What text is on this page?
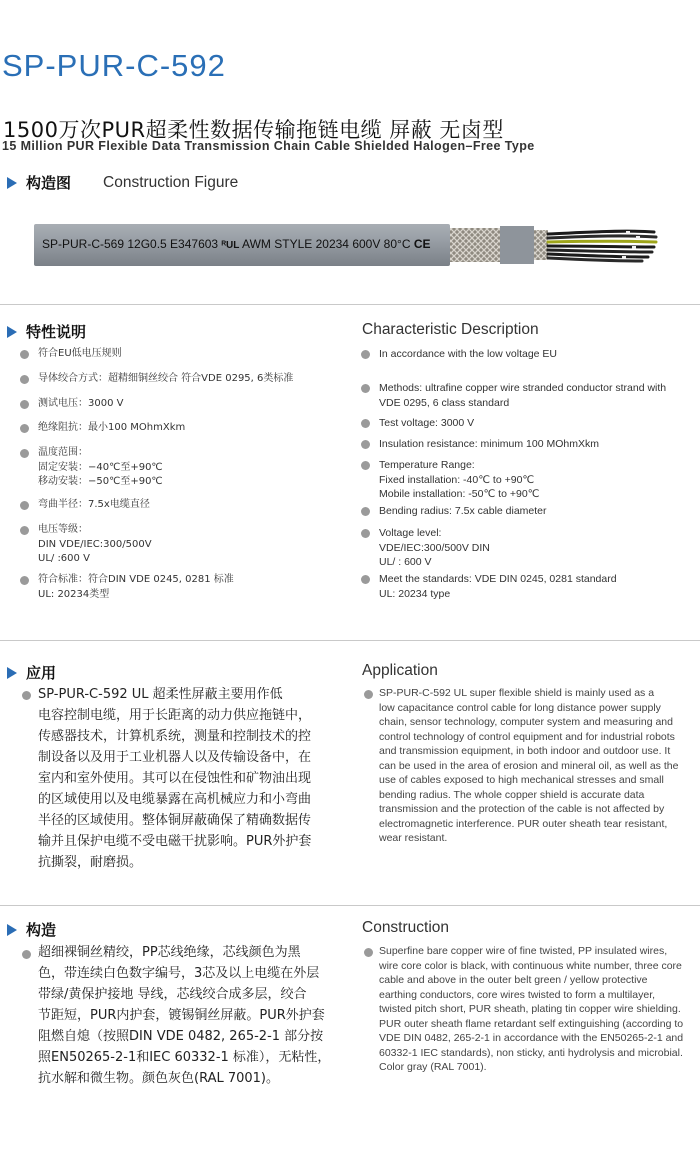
SP-PUR-C-592
1500万次PUR超柔性数据传输拖链电缆 屏蔽 无卤型
15 Million PUR Flexible Data Transmission Chain Cable Shielded Halogen–Free Type
构造图 Construction Figure
SP-PUR-C-569 12G0.5 E347603 ᴿUL AWM STYLE 20234 600V 80°C CE
特性说明	Characteristic Description
符合EU低电压规则
导体绞合方式：超精细铜丝绞合 符合VDE 0295, 6类标准
测试电压：3000 V
绝缘阻抗：最小100 MOhmXkm
温度范围：
固定安装：−40℃至+90℃
移动安装：−50℃至+90℃
弯曲半径：7.5x电缆直径
电压等级：
DIN VDE/IEC:300/500V
UL/ :600 V
符合标准：符合DIN VDE 0245, 0281 标准
UL: 20234类型
In accordance with the low voltage EU
Methods: ultrafine copper wire stranded conductor strand with
VDE 0295, 6 class standard
Test voltage: 3000 V
Insulation resistance: minimum 100 MOhmXkm
Temperature Range:
Fixed installation: -40℃ to +90℃
Mobile installation: -50℃ to +90℃
Bending radius: 7.5x cable diameter
Voltage level:
VDE/IEC:300/500V DIN
UL/ : 600 V
Meet the standards: VDE DIN 0245, 0281 standard
UL: 20234 type
应用	Application
SP-PUR-C-592 UL 超柔性屏蔽主要用作低
电容控制电缆，用于长距离的动力供应拖链中，
传感器技术，计算机系统，测量和控制技术的控
制设备以及用于工业机器人以及传输设备中，在
室内和室外使用。其可以在侵蚀性和矿物油出现
的区域使用以及电缆暴露在高机械应力和小弯曲
半径的区域使用。整体铜屏蔽确保了精确数据传
输并且保护电缆不受电磁干扰影响。PUR外护套
抗撕裂，耐磨损。
SP-PUR-C-592 UL super flexible shield is mainly used as a
low capacitance control cable for long distance power supply
chain, sensor technology, computer system and measuring and
control technology of control equipment and for industrial robots
and transmission equipment, in both indoor and outdoor use. It
can be used in the area of erosion and mineral oil, as well as the
use of cables exposed to high mechanical stresses and small
bending radius. The whole copper shield is accurate data
transmission and the protection of the cable is not affected by
electromagnetic interference. PUR outer sheath tear resistant,
wear resistant.
构造	Construction
超细裸铜丝精绞，PP芯线绝缘，芯线颜色为黑
色，带连续白色数字编号，3芯及以上电缆在外层
带绿/黄保护接地 导线，芯线绞合成多层，绞合
节距短，PUR内护套，镀锡铜丝屏蔽。PUR外护套
阻燃自熄（按照DIN VDE 0482, 265-2-1 部分按
照EN50265-2-1和IEC 60332-1 标准），无粘性，
抗水解和微生物。颜色灰色(RAL 7001)。
Superfine bare copper wire of fine twisted, PP insulated wires,
wire core color is black, with continuous white number, three core
cable and above in the outer belt green / yellow protective
earthing conductors, core wires twisted to form a multilayer,
twisted pitch short, PUR sheath, plating tin copper wire shielding.
PUR outer sheath flame retardant self extinguishing (according to
VDE DIN 0482, 265-2-1 in accordance with the EN50265-2-1 and
60332-1 IEC standards), non sticky, anti hydrolysis and microbial.
Color gray (RAL 7001).
